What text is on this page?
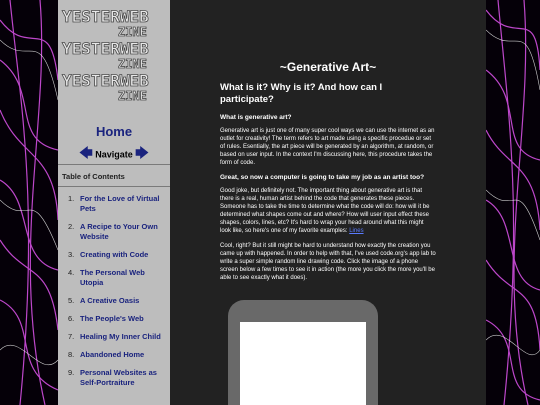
YESTERWEB
ZINE
YESTERWEB
ZINE
YESTERWEB
ZINE
Home
🡄 Navigate 🡆
Table of Contents
1. For the Love of Virtual Pets
2. A Recipe to Your Own Website
3. Creating with Code
4. The Personal Web Utopia
5. A Creative Oasis
6. The People's Web
7. Healing My Inner Child
8. Abandoned Home
9. Personal Websites as Self-Portraiture
~Generative Art~
What is it? Why is it? And how can I participate?
What is generative art?

Generative art is just one of many super cool ways we can use the internet as an outlet for creativity! The term refers to art made using a specific procedue or set of rules. Esentially, the art piece will be generated by an algorithm, at random, or based on user input. In the context I'm discussing here, this procedure takes the form of code.

Great, so now a computer is going to take my job as an artist too?

Good joke, but definitely not. The important thing about generative art is that there is a real, human artist behind the code that generates these pieces. Someone has to take the time to determine what the code will do: how will it be determined what shapes come out and where? How will user input effect these shapes, colors, lines, etc? It's hard to wrap your head around what this might look like, so here's one of my favorite examples: Lines

Cool, right? But it still might be hard to understand how exactly the creation you came up with happened. In order to help with that, I've used code.org's app lab to write a super simple random line drawing code. Click the image of a phone screen below a few times to see it in action (the more you click the more you'll be able to see exactly what it does).
